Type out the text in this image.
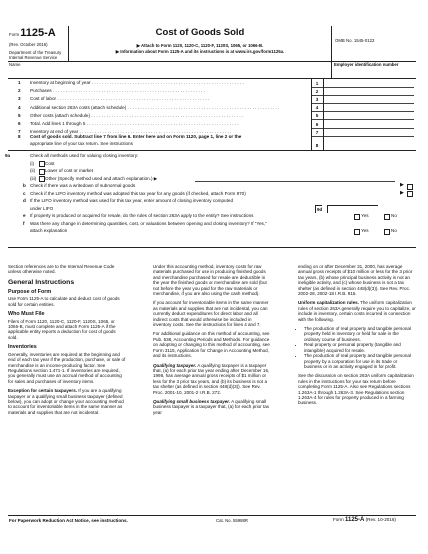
Form 1125-A
(Rev. October 2016)
Department of the Treasury
Internal Revenue Service
Cost of Goods Sold
▶ Attach to Form 1120, 1120-C, 1120-F, 1120S, 1065, or 1066-B.
▶ Information about Form 1125-A and its instructions is at www.irs.gov/form1125a.
OMB No. 1545-0123
Name	Employer identification number
1	Inventory at beginning of year . . . . . . . . . . . . . . . . . . . . . . . . . . . . . . . . . . . . . . . . . . . . . . . . . . . . . . . . . . . .	1
2	Purchases . . . . . . . . . . . . . . . . . . . . . . . . . . . . . . . . . . . . . . . . . . . . . . . . . . . . . . . . . . . .	2
3	Cost of labor . . . . . . . . . . . . . . . . . . . . . . . . . . . . . . . . . . . . . . . . . . . . . . . . . . . . . . . . . . . .	3
4	Additional section 263A costs (attach schedule) . . . . . . . . . . . . . . . . . . . . . . . . . . . . . . . . . . . . . . . . . . . . . . . . . . . . . . . . . . . .	4
5	Other costs (attach schedule) . . . . . . . . . . . . . . . . . . . . . . . . . . . . . . . . . . . . . . . . . . . . . . . . . . . . . . . . . . . .	5
6	Total. Add lines 1 through 5 . . . . . . . . . . . . . . . . . . . . . . . . . . . . . . . . . . . . . . . . . . . . . . . . . . . . . . . . . . . .	6
7	Inventory at end of year . . . . . . . . . . . . . . . . . . . . . . . . . . . . . . . . . . . . . . . . . . . . . . . . . . . . . . . . . . . .	7
8 Cost of goods sold. Subtract line 7 from line 6. Enter here and on Form 1120, page 1, line 2 or the
appropriate line of your tax return. See instructions	8
9a	Check all methods used for valuing closing inventory:
(i) Cost
(ii) Lower of cost or market
(iii) Other (Specify method used and attach explanation.) ▶
b Check if there was a writedown of subnormal goods	▶
c Check if the LIFO inventory method was adopted this tax year for any goods (if checked, attach Form 970)	▶
d If the LIFO inventory method was used for this tax year, enter amount of closing inventory computed
under LIFO	9d
e If property is produced or acquired for resale, do the rules of section 263A apply to the entity? See instructions	Yes	No
f Was there any change in determining quantities, cost, or valuations between opening and closing inventory? If “Yes,”
attach explanation	Yes	No

Section references are to the Internal Revenue Code unless otherwise noted.

General Instructions
Purpose of Form

Use Form 1125-A to calculate and deduct cost of goods sold for certain entities.

Who Must File

Filers of Form 1120, 1120-C, 1120-F, 1120S, 1065, or 1066-B, must complete and attach Form 1125-A if the applicable entity reports a deduction for cost of goods sold.

Inventories

Generally, inventories are required at the beginning and end of each tax year if the production, purchase, or sale of merchandise is an income-producing factor. See Regulations section 1.471-1. If inventories are required, you generally must use an accrual method of accounting for sales and purchases of inventory items.

Exception for certain taxpayers. If you are a qualifying taxpayer or a qualifying small business taxpayer (defined below), you can adopt or change your accounting method to account for inventoriable items in the same manner as materials and supplies that are not incidental.

Under this accounting method, inventory costs for raw materials purchased for use in producing finished goods and merchandise purchased for resale are deductible in the year the finished goods or merchandise are sold (but not before the year you paid for the raw materials or merchandise, if you are also using the cash method).

If you account for inventoriable items in the same manner as materials and supplies that are not incidental, you can currently deduct expenditures for direct labor and all indirect costs that would otherwise be included in inventory costs. See the instructions for lines 4 and 7.

For additional guidance on this method of accounting, see Pub. 538, Accounting Periods and Methods. For guidance on adopting or changing to this method of accounting, see Form 3115, Application for Change in Accounting Method, and its instructions.

Qualifying taxpayer. A qualifying taxpayer is a taxpayer that, (a) for each prior tax year ending after December 16, 1998, has average annual gross receipts of $1 million or less for the 3 prior tax years, and (b) its business is not a tax shelter (as defined in section 448(d)(3)). See Rev. Proc. 2001-10, 2001-2 I.R.B. 272.

Qualifying small business taxpayer. A qualifying small business taxpayer is a taxpayer that, (a) for each prior tax year

ending on or after December 31, 2000, has average annual gross receipts of $10 million or less for the 3 prior tax years, (b) whose principal business activity is not an ineligible activity, and (c) whose business is not a tax shelter (as defined in section 448(d)(3)). See Rev. Proc. 2002-28, 2002-18 I.R.B. 815.

Uniform capitalization rules. The uniform capitalization rules of section 263A generally require you to capitalize, or include in inventory, certain costs incurred in connection with the following.

• The production of real property and tangible personal property held in inventory or held for sale in the ordinary course of business.
• Real property or personal property (tangible and intangible) acquired for resale.
• The production of real property and tangible personal property by a corporation for use in its trade or business or in an activity engaged in for profit.

See the discussion on section 263A uniform capitalization rules in the instructions for your tax return before completing Form 1125-A. Also see Regulations sections 1.263A-1 through 1.263A-3. See Regulations section 1.263A-4 for rules for property produced in a farming business.

For Paperwork Reduction Act Notice, see instructions.	Cat. No. 55988R	Form 1125-A (Rev. 10-2016)
